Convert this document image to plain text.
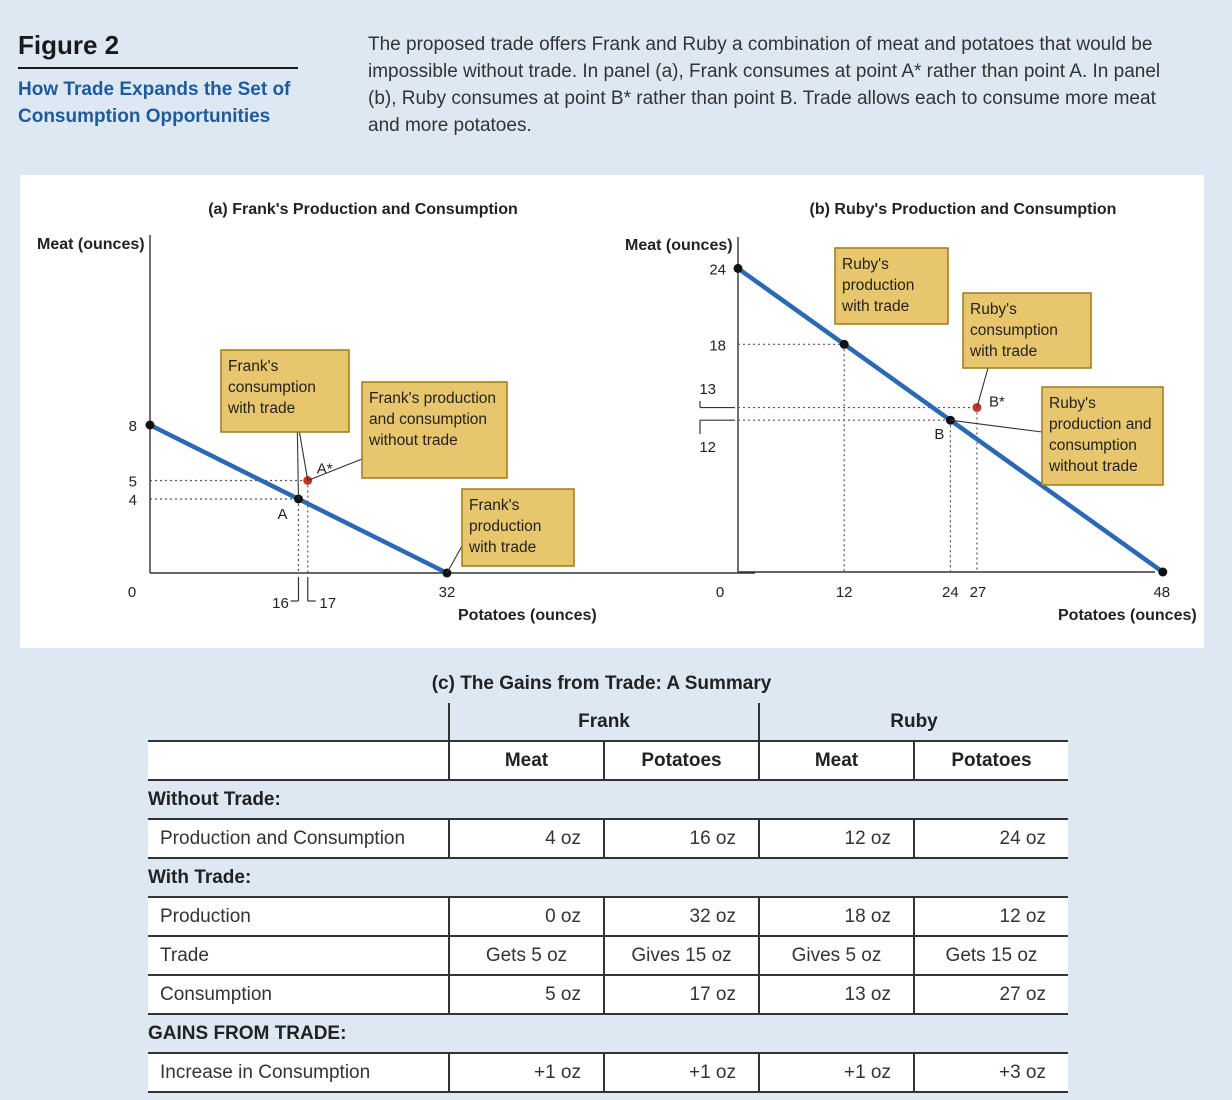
Figure 2
How Trade Expands the Set of Consumption Opportunities
The proposed trade offers Frank and Ruby a combination of meat and potatoes that would be impossible without trade. In panel (a), Frank consumes at point A* rather than point A. In panel (b), Ruby consumes at point B* rather than point B. Trade allows each to consume more meat and more potatoes.
(a) Frank's Production and Consumption
Meat (ounces)
Potatoes (ounces)
A
A*
8
5
4
0
16 17
32
Frank's
consumption
with trade
Frank's production
and consumption
without trade
Frank's
production
with trade
(b) Ruby's Production and Consumption
Meat (ounces)
Potatoes (ounces)
B
B*
24
18
13
12
0	12	24 27	48
Ruby's
production
with trade	Ruby's
consumption
with trade
Ruby's
production and
consumption
without trade
(c) The Gains from Trade: A Summary
	Frank		Ruby	
	Meat	Potatoes	Meat	Potatoes
Without Trade:				
Production and Consumption	4 oz	16 oz	12 oz	24 oz
With Trade:				
Production	0 oz	32 oz	18 oz	12 oz
Trade	Gets 5 oz	Gives 15 oz	Gives 5 oz	Gets 15 oz
Consumption	5 oz	17 oz	13 oz	27 oz
GAINS FROM TRADE:				
Increase in Consumption	+1 oz	+1 oz	+1 oz	+3 oz
